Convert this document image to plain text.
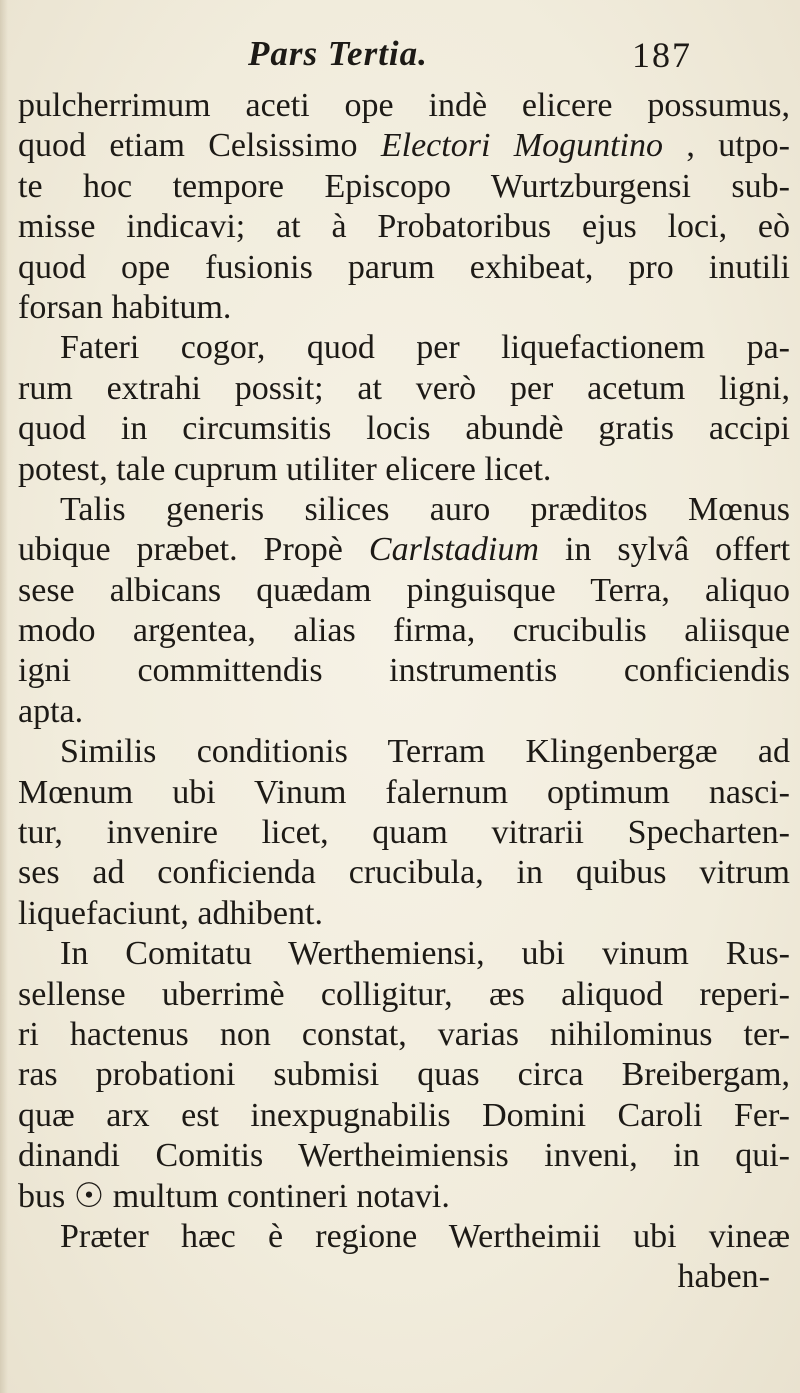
Pars Tertia.	187
pulcherrimum aceti ope indè elicere possumus,
quod etiam Celsissimo Electori Moguntino , utpo-
te hoc tempore Episcopo Wurtzburgensi sub-
misse indicavi; at à Probatoribus ejus loci, eò
quod ope fusionis parum exhibeat, pro inutili
forsan habitum.
Fateri cogor, quod per liquefactionem pa-
rum extrahi possit; at verò per acetum ligni,
quod in circumsitis locis abundè gratis accipi
potest, tale cuprum utiliter elicere licet.
Talis generis silices auro præditos Mœnus
ubique præbet. Propè Carlstadium in sylvâ offert
sese albicans quædam pinguisque Terra, aliquo
modo argentea, alias firma, crucibulis aliisque
igni committendis instrumentis conficiendis
apta.
Similis conditionis Terram Klingenbergæ ad
Mœnum ubi Vinum falernum optimum nasci-
tur, invenire licet, quam vitrarii Specharten-
ses ad conficienda crucibula, in quibus vitrum
liquefaciunt, adhibent.
In Comitatu Werthemiensi, ubi vinum Rus-
sellense uberrimè colligitur, æs aliquod reperi-
ri hactenus non constat, varias nihilominus ter-
ras probationi submisi quas circa Breibergam,
quæ arx est inexpugnabilis Domini Caroli Fer-
dinandi Comitis Wertheimiensis inveni, in qui-
bus ☉ multum contineri notavi.
Præter hæc è regione Wertheimii ubi vineæ
haben-
